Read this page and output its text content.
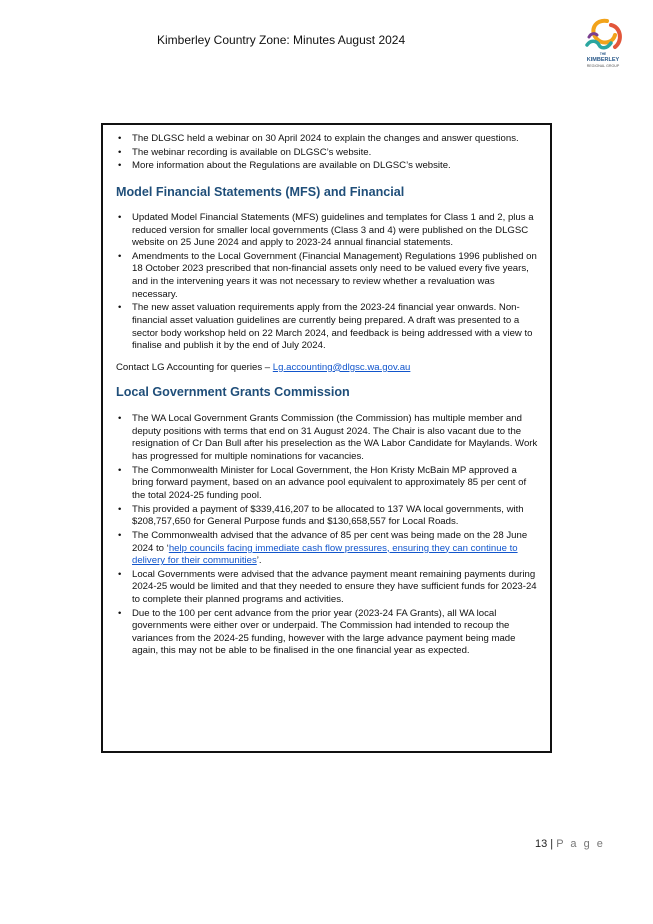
Kimberley Country Zone: Minutes August 2024
THE
KIMBERLEY
REGIONAL GROUP
• The DLGSC held a webinar on 30 April 2024 to explain the changes and answer questions.
• The webinar recording is available on DLGSC’s website.
• More information about the Regulations are available on DLGSC’s website.
Model Financial Statements (MFS) and Financial
• Updated Model Financial Statements (MFS) guidelines and templates for Class 1 and 2, plus a reduced version for smaller local governments (Class 3 and 4) were published on the DLGSC website on 25 June 2024 and apply to 2023-24 annual financial statements.
• Amendments to the Local Government (Financial Management) Regulations 1996 published on 18 October 2023 prescribed that non-financial assets only need to be valued every five years, and in the intervening years it was not necessary to review whether a revaluation was necessary.
• The new asset valuation requirements apply from the 2023-24 financial year onwards. Non-financial asset valuation guidelines are currently being prepared. A draft was presented to a sector body workshop held on 22 March 2024, and feedback is being addressed with a view to finalise and publish it by the end of July 2024.
Contact LG Accounting for queries – Lg.accounting@dlgsc.wa.gov.au
Local Government Grants Commission
• The WA Local Government Grants Commission (the Commission) has multiple member and deputy positions with terms that end on 31 August 2024. The Chair is also vacant due to the resignation of Cr Dan Bull after his preselection as the WA Labor Candidate for Maylands. Work has progressed for multiple nominations for vacancies.
• The Commonwealth Minister for Local Government, the Hon Kristy McBain MP approved a bring forward payment, based on an advance pool equivalent to approximately 85 per cent of the total 2024-25 funding pool.
• This provided a payment of $339,416,207 to be allocated to 137 WA local governments, with $208,757,650 for General Purpose funds and $130,658,557 for Local Roads.
• The Commonwealth advised that the advance of 85 per cent was being made on the 28 June 2024 to ‘help councils facing immediate cash flow pressures, ensuring they can continue to delivery for their communities’.
• Local Governments were advised that the advance payment meant remaining payments during 2024-25 would be limited and that they needed to ensure they have sufficient funds for 2023-24 to complete their planned programs and activities.
• Due to the 100 per cent advance from the prior year (2023-24 FA Grants), all WA local governments were either over or underpaid. The Commission had intended to recoup the variances from the 2024-25 funding, however with the large advance payment being made again, this may not be able to be finalised in the one financial year as expected.
13 | P a g e
